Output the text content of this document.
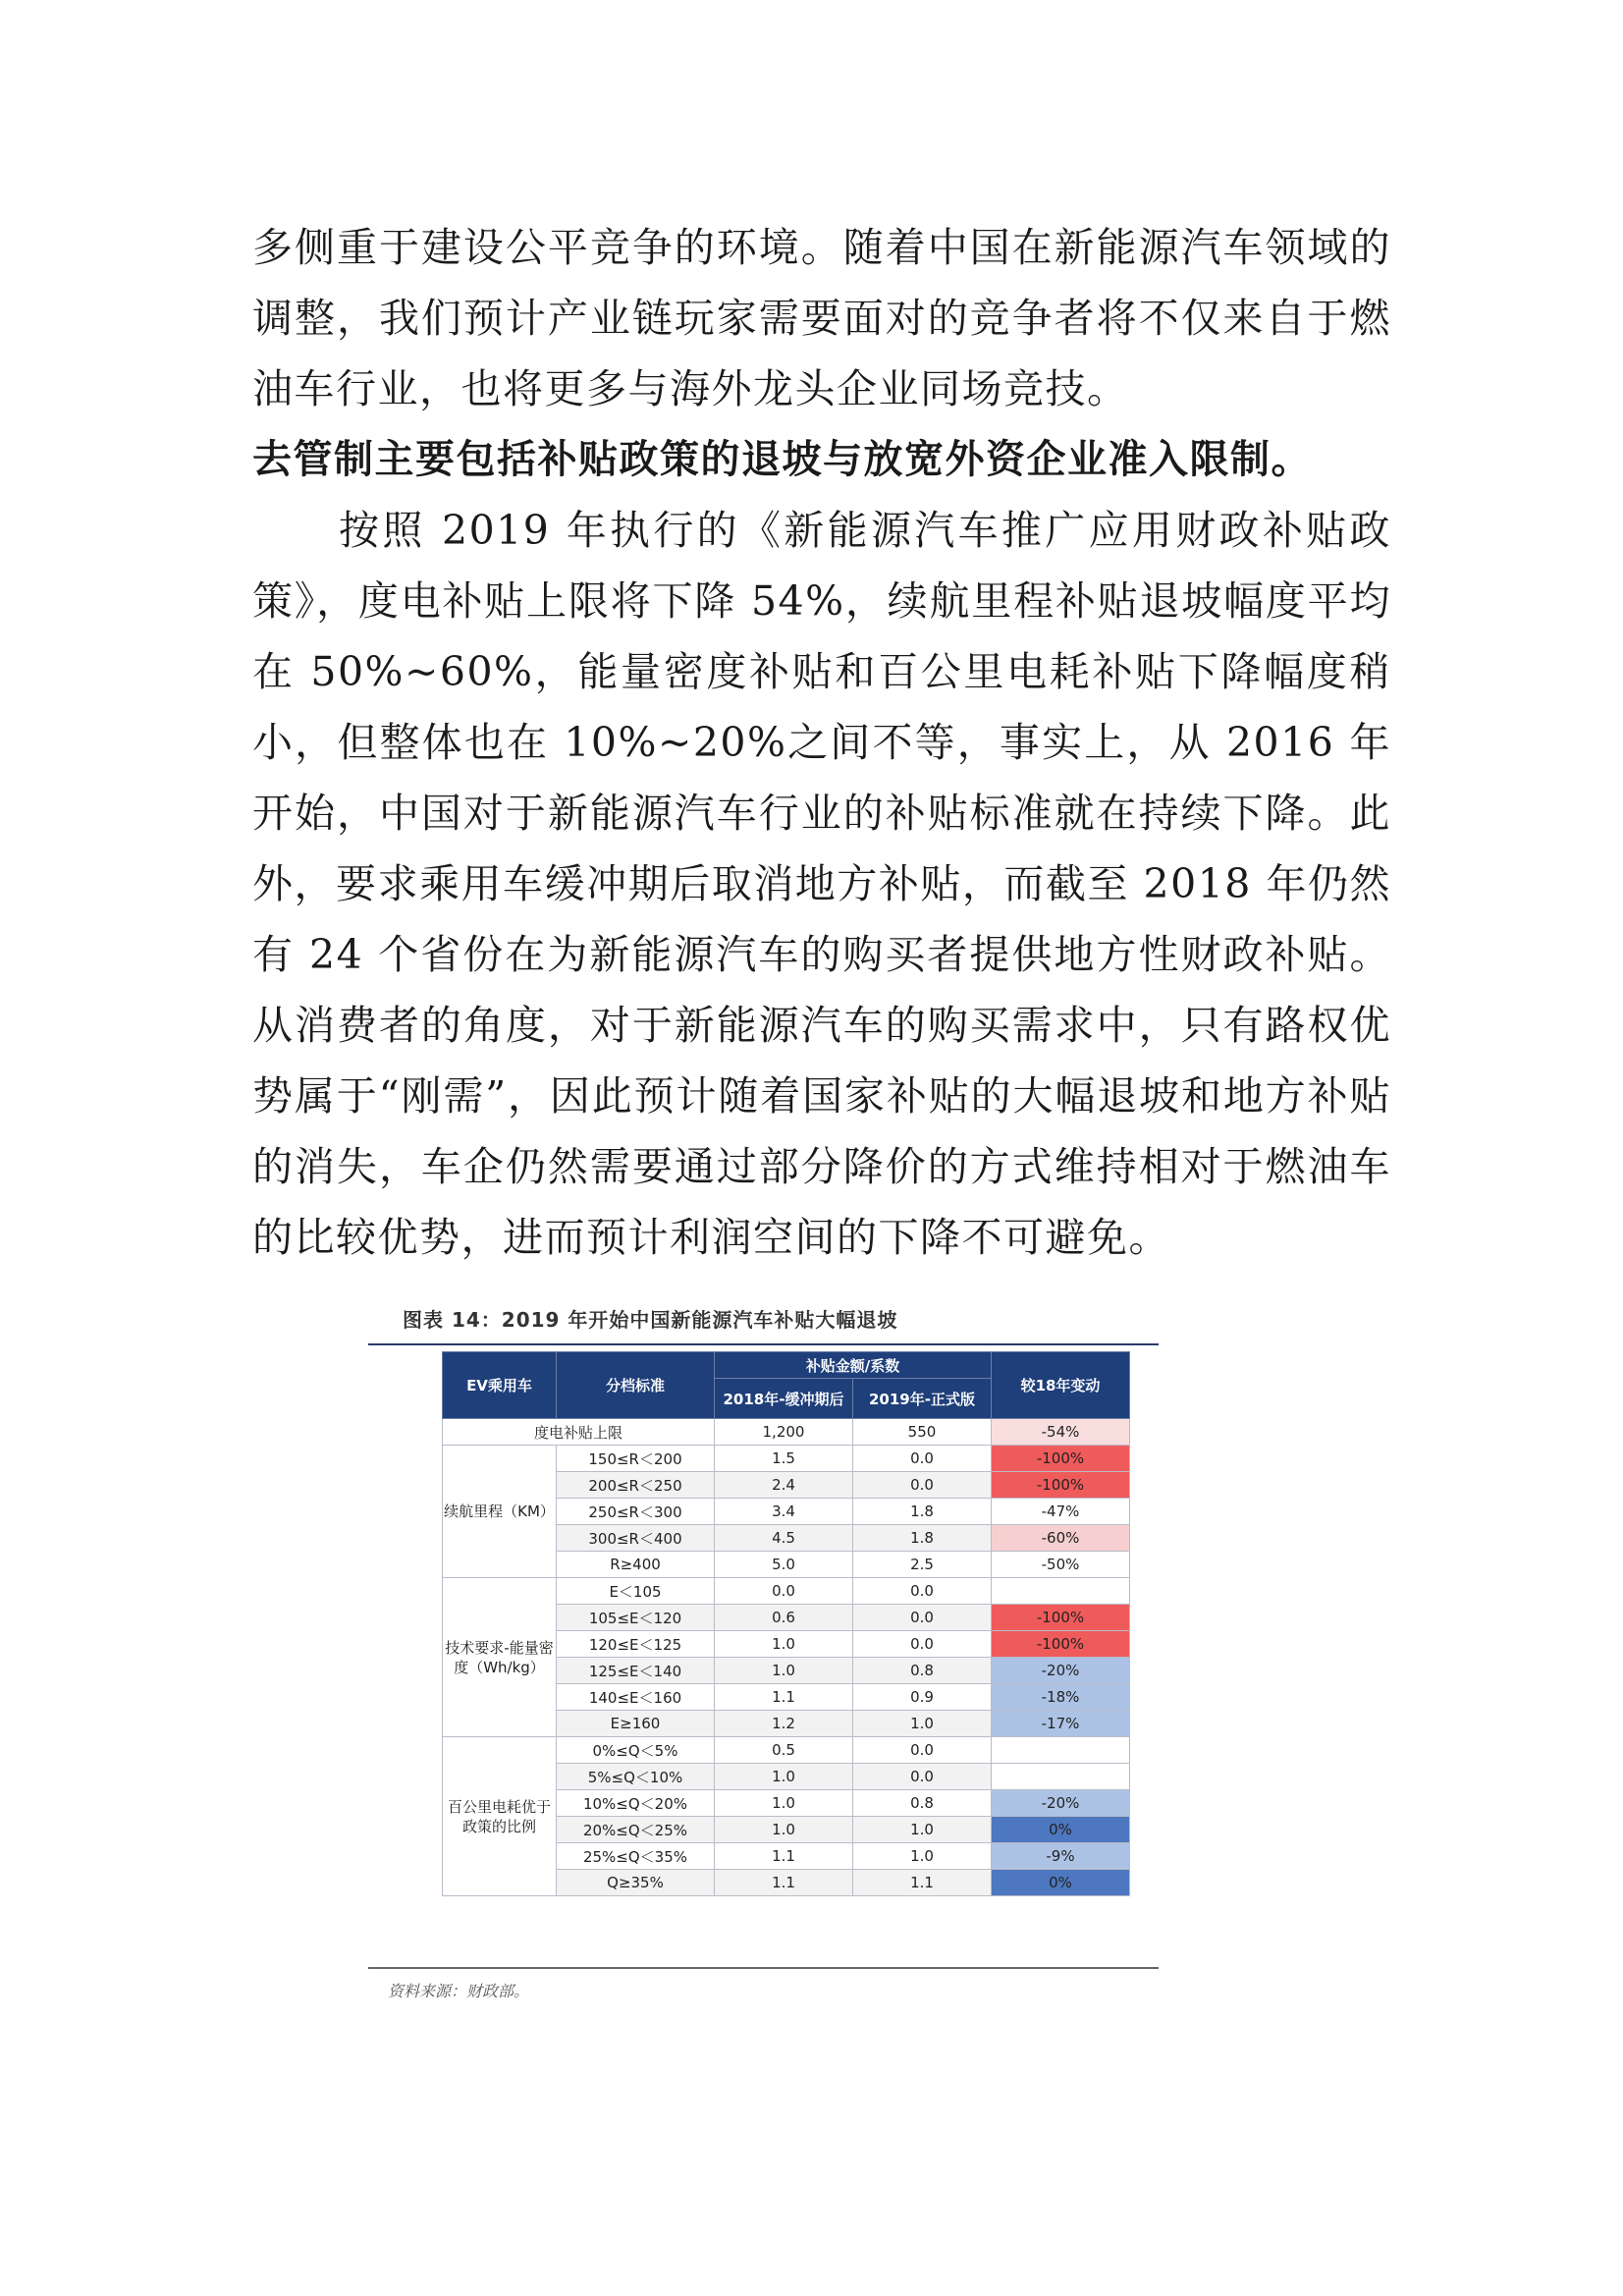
多侧重于建设公平竞争的环境。随着中国在新能源汽车领域的调整，我们预计产业链玩家需要面对的竞争者将不仅来自于燃油车行业，也将更多与海外龙头企业同场竞技。

去管制主要包括补贴政策的退坡与放宽外资企业准入限制。

按照 2019 年执行的《新能源汽车推广应用财政补贴政策》，度电补贴上限将下降 54%，续航里程补贴退坡幅度平均在 50%~60%，能量密度补贴和百公里电耗补贴下降幅度稍小，但整体也在 10%~20%之间不等，事实上，从 2016 年开始，中国对于新能源汽车行业的补贴标准就在持续下降。此外，要求乘用车缓冲期后取消地方补贴，而截至 2018 年仍然有 24 个省份在为新能源汽车的购买者提供地方性财政补贴。从消费者的角度，对于新能源汽车的购买需求中，只有路权优势属于“刚需”，因此预计随着国家补贴的大幅退坡和地方补贴的消失，车企仍然需要通过部分降价的方式维持相对于燃油车的比较优势，进而预计利润空间的下降不可避免。

图表 14：2019 年开始中国新能源汽车补贴大幅退坡
EV乘用车	分档标准	补贴金额/系数		较18年变动
		2018年-缓冲期后	2019年-正式版	
度电补贴上限		1,200	550	-54%
续航里程（KM）	150≤R＜200	1.5	0.0	-100%
	200≤R＜250	2.4	0.0	-100%
	250≤R＜300	3.4	1.8	-47%
	300≤R＜400	4.5	1.8	-60%
	R≥400	5.0	2.5	-50%
技术要求-能量密度（Wh/kg）	E＜105	0.0	0.0	
	105≤E＜120	0.6	0.0	-100%
	120≤E＜125	1.0	0.0	-100%
	125≤E＜140	1.0	0.8	-20%
	140≤E＜160	1.1	0.9	-18%
	E≥160	1.2	1.0	-17%
百公里电耗优于政策的比例	0%≤Q＜5%	0.5	0.0	
	5%≤Q＜10%	1.0	0.0	
	10%≤Q＜20%	1.0	0.8	-20%
	20%≤Q＜25%	1.0	1.0	0%
	25%≤Q＜35%	1.1	1.0	-9%
	Q≥35%	1.1	1.1	0%
资料来源：财政部。
